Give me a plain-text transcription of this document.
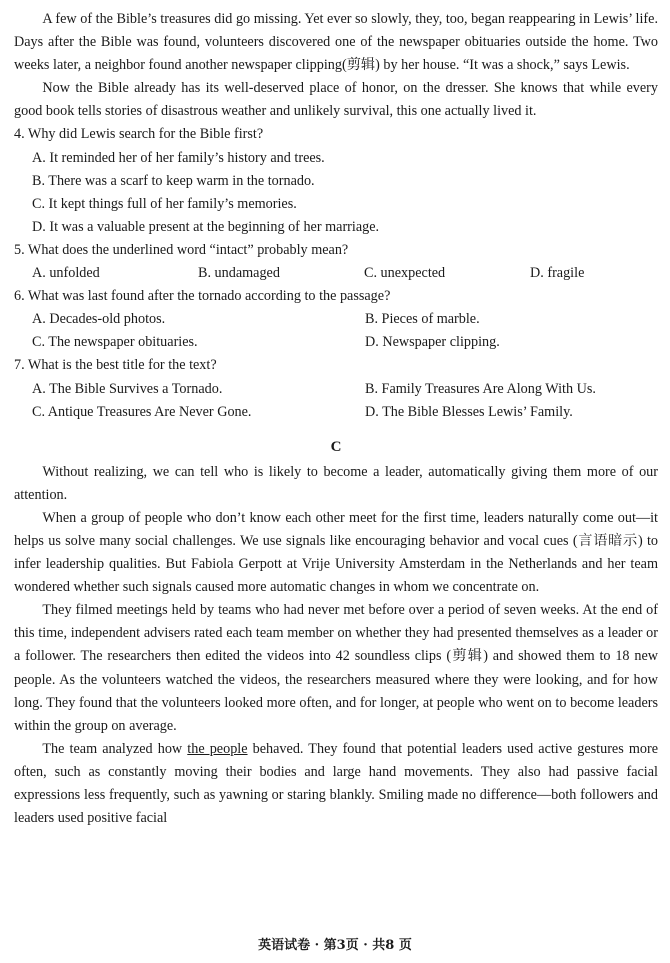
A few of the Bible’s treasures did go missing. Yet ever so slowly, they, too, began reappearing in Lewis’ life. Days after the Bible was found, volunteers discovered one of the newspaper obituaries outside the home. Two weeks later, a neighbor found another newspaper clipping(剪辑) by her house. “It was a shock,” says Lewis.

Now the Bible already has its well-deserved place of honor, on the dresser. She knows that while every good book tells stories of disastrous weather and unlikely survival, this one actually lived it.

4. Why did Lewis search for the Bible first?

A. It reminded her of her family’s history and trees.

B. There was a scarf to keep warm in the tornado.

C. It kept things full of her family’s memories.

D. It was a valuable present at the beginning of her marriage.

5. What does the underlined word “intact” probably mean?

A. unfolded	B. undamaged	C. unexpected	D. fragile

6. What was last found after the tornado according to the passage?

A. Decades-old photos.	B. Pieces of marble.
C. The newspaper obituaries.	D. Newspaper clipping.

7. What is the best title for the text?

A. The Bible Survives a Tornado.	B. Family Treasures Are Along With Us.
C. Antique Treasures Are Never Gone.	D. The Bible Blesses Lewis’ Family.

C

Without realizing, we can tell who is likely to become a leader, automatically giving them more of our attention.

When a group of people who don’t know each other meet for the first time, leaders naturally come out—it helps us solve many social challenges. We use signals like encouraging behavior and vocal cues (言语暗示) to infer leadership qualities. But Fabiola Gerpott at Vrije University Amsterdam in the Netherlands and her team wondered whether such signals caused more automatic changes in whom we concentrate on.

They filmed meetings held by teams who had never met before over a period of seven weeks. At the end of this time, independent advisers rated each team member on whether they had presented themselves as a leader or a follower. The researchers then edited the videos into 42 soundless clips (剪辑) and showed them to 18 new people. As the volunteers watched the videos, the researchers measured where they were looking, and for how long. They found that the volunteers looked more often, and for longer, at people who went on to become leaders within the group on average.

The team analyzed how the people behaved. They found that potential leaders used active gestures more often, such as constantly moving their bodies and large hand movements. They also had passive facial expressions less frequently, such as yawning or staring blankly. Smiling made no difference—both followers and leaders used positive facial

英语试卷 · 第3页 · 共8 页
